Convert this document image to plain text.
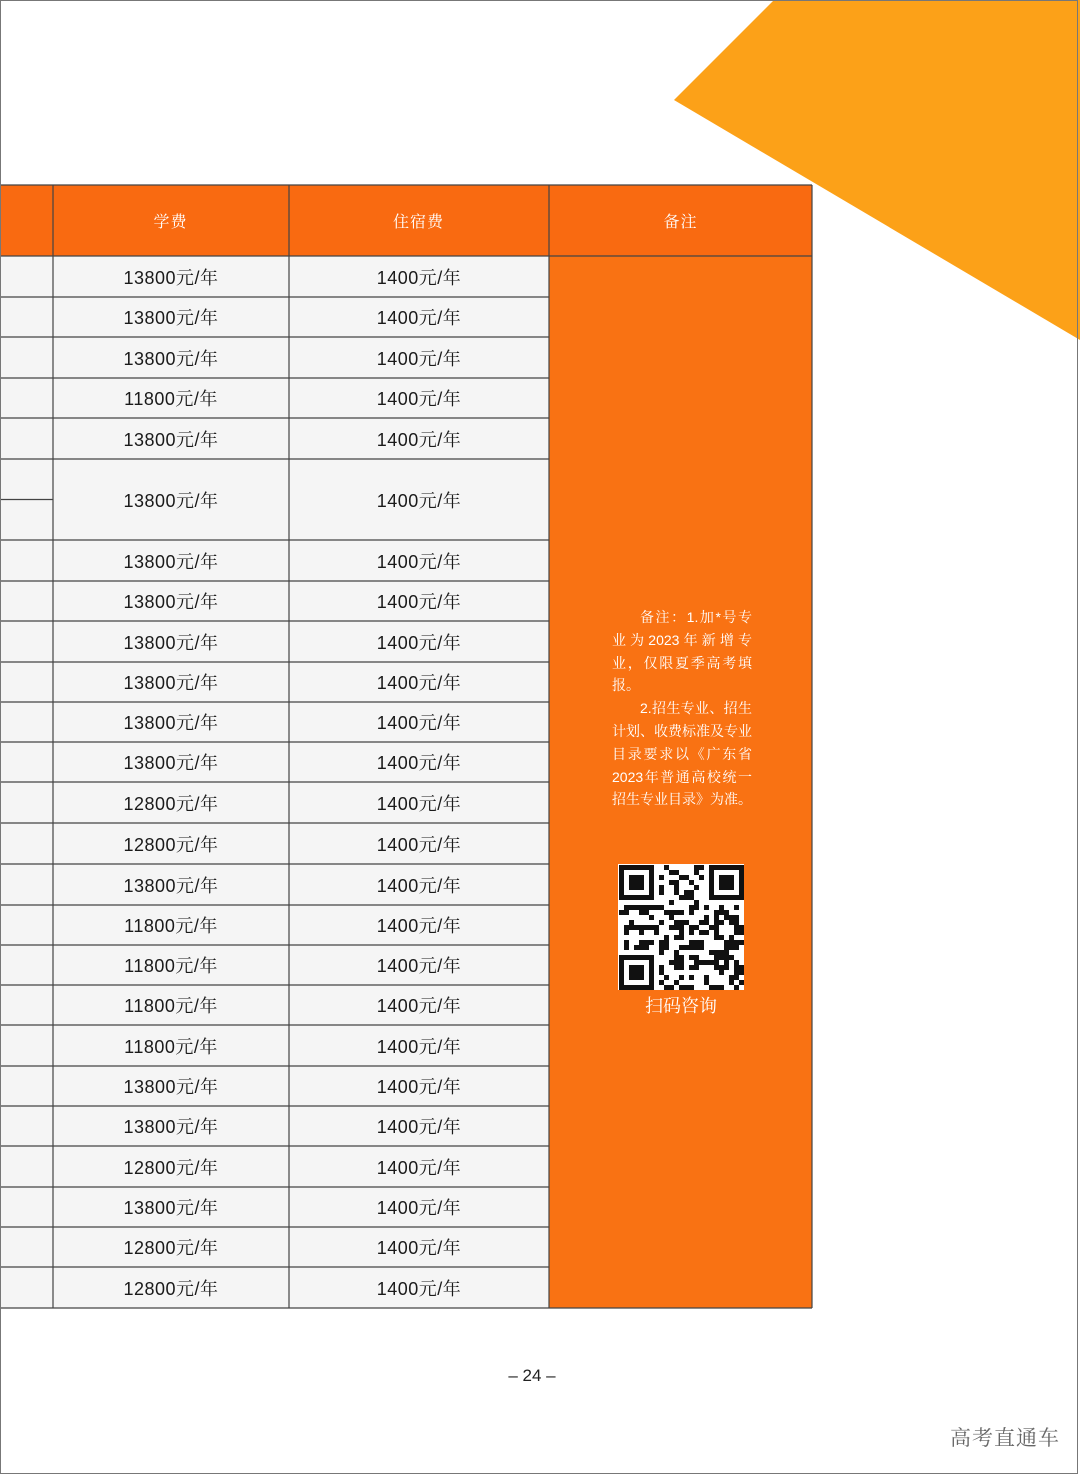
学费	住宿费	备注
13800元/年	1400元/年
13800元/年	1400元/年
13800元/年	1400元/年
11800元/年	1400元/年
13800元/年	1400元/年
13800元/年	1400元/年
13800元/年	1400元/年
13800元/年	1400元/年
13800元/年	1400元/年
13800元/年	1400元/年
13800元/年	1400元/年
13800元/年	1400元/年
12800元/年	1400元/年
12800元/年	1400元/年
13800元/年	1400元/年
11800元/年	1400元/年
11800元/年	1400元/年
11800元/年	1400元/年
11800元/年	1400元/年
13800元/年	1400元/年
13800元/年	1400元/年
12800元/年	1400元/年
13800元/年	1400元/年
12800元/年	1400元/年
12800元/年	1400元/年

备注：1.加*号专业为2023年新增专业，仅限夏季高考填报。

2.招生专业、招生计划、收费标准及专业目录要求以《广东省2023年普通高校统一招生专业目录》为准。

扫码咨询
– 24 –
高考直通车
